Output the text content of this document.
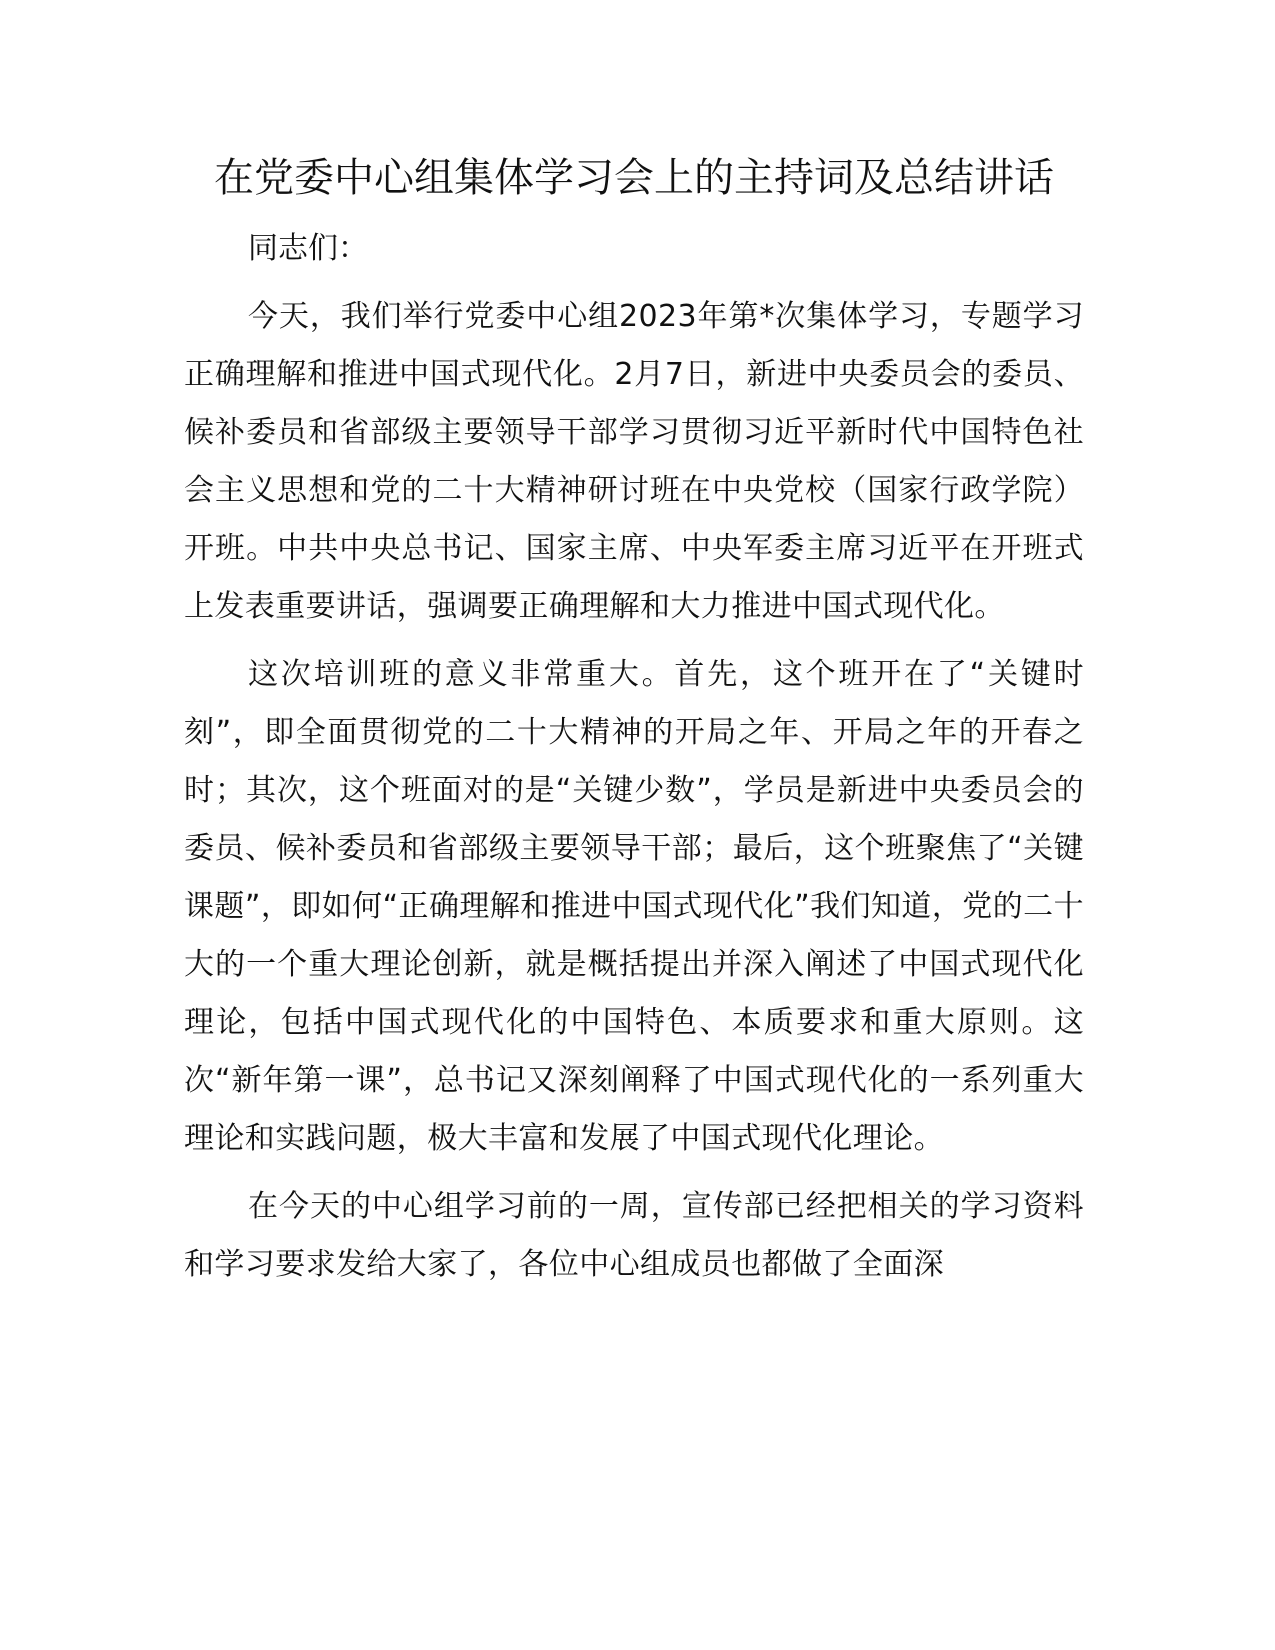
在党委中心组集体学习会上的主持词及总结讲话

同志们：

今天，我们举行党委中心组2023年第*次集体学习，专题学习正确理解和推进中国式现代化。2月7日，新进中央委员会的委员、候补委员和省部级主要领导干部学习贯彻习近平新时代中国特色社会主义思想和党的二十大精神研讨班在中央党校（国家行政学院）开班。中共中央总书记、国家主席、中央军委主席习近平在开班式上发表重要讲话，强调要正确理解和大力推进中国式现代化。

这次培训班的意义非常重大。首先，这个班开在了“关键时刻”，即全面贯彻党的二十大精神的开局之年、开局之年的开春之时；其次，这个班面对的是“关键少数”，学员是新进中央委员会的委员、候补委员和省部级主要领导干部；最后，这个班聚焦了“关键课题”，即如何“正确理解和推进中国式现代化”我们知道，党的二十大的一个重大理论创新，就是概括提出并深入阐述了中国式现代化理论，包括中国式现代化的中国特色、本质要求和重大原则。这次“新年第一课”，总书记又深刻阐释了中国式现代化的一系列重大理论和实践问题，极大丰富和发展了中国式现代化理论。

在今天的中心组学习前的一周，宣传部已经把相关的学习资料和学习要求发给大家了，各位中心组成员也都做了全面深
